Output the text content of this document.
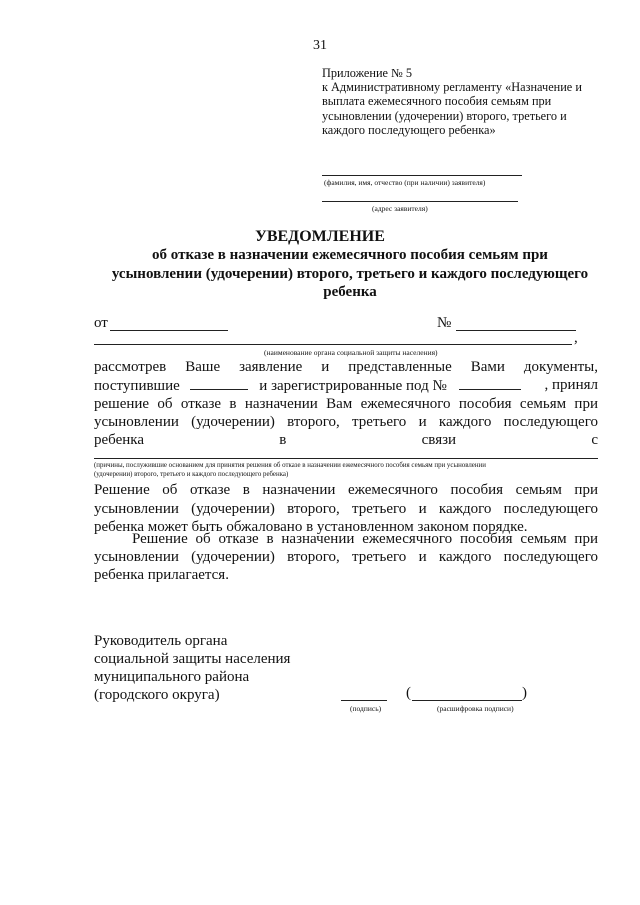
31
Приложение № 5
к Административному регламенту «Назначение и
выплата ежемесячного пособия семьям при
усыновлении (удочерении) второго, третьего и
каждого последующего ребенка»
(фамилия, имя, отчество (при наличии) заявителя)
(адрес заявителя)
УВЕДОМЛЕНИЕ
об отказе в назначении ежемесячного пособия семьям при
усыновлении (удочерении) второго, третьего и каждого последующего
ребенка
от	№
,
(наименование органа социальной защиты населения)
рассмотрев Ваше заявление и представленные Вами документы,
поступившие	и зарегистрированные под №	, принял
решение об отказе в назначении Вам ежемесячного пособия семьям при
усыновлении (удочерении) второго, третьего и каждого последующего
ребенка в связи с
(причины, послужившие основанием для принятия решения об отказе в назначении ежемесячного пособия семьям при усыновлении
(удочерении) второго, третьего и каждого последующего ребенка)
Решение об отказе в назначении ежемесячного пособия семьям при
усыновлении (удочерении) второго, третьего и каждого последующего
ребенка может быть обжаловано в установленном законом порядке.
Решение об отказе в назначении ежемесячного пособия семьям при
усыновлении (удочерении) второго, третьего и каждого последующего
ребенка прилагается.
Руководитель органа
социальной защиты населения
муниципального района
(городского округа)
(подпись)
(	)
(расшифровка подписи)
